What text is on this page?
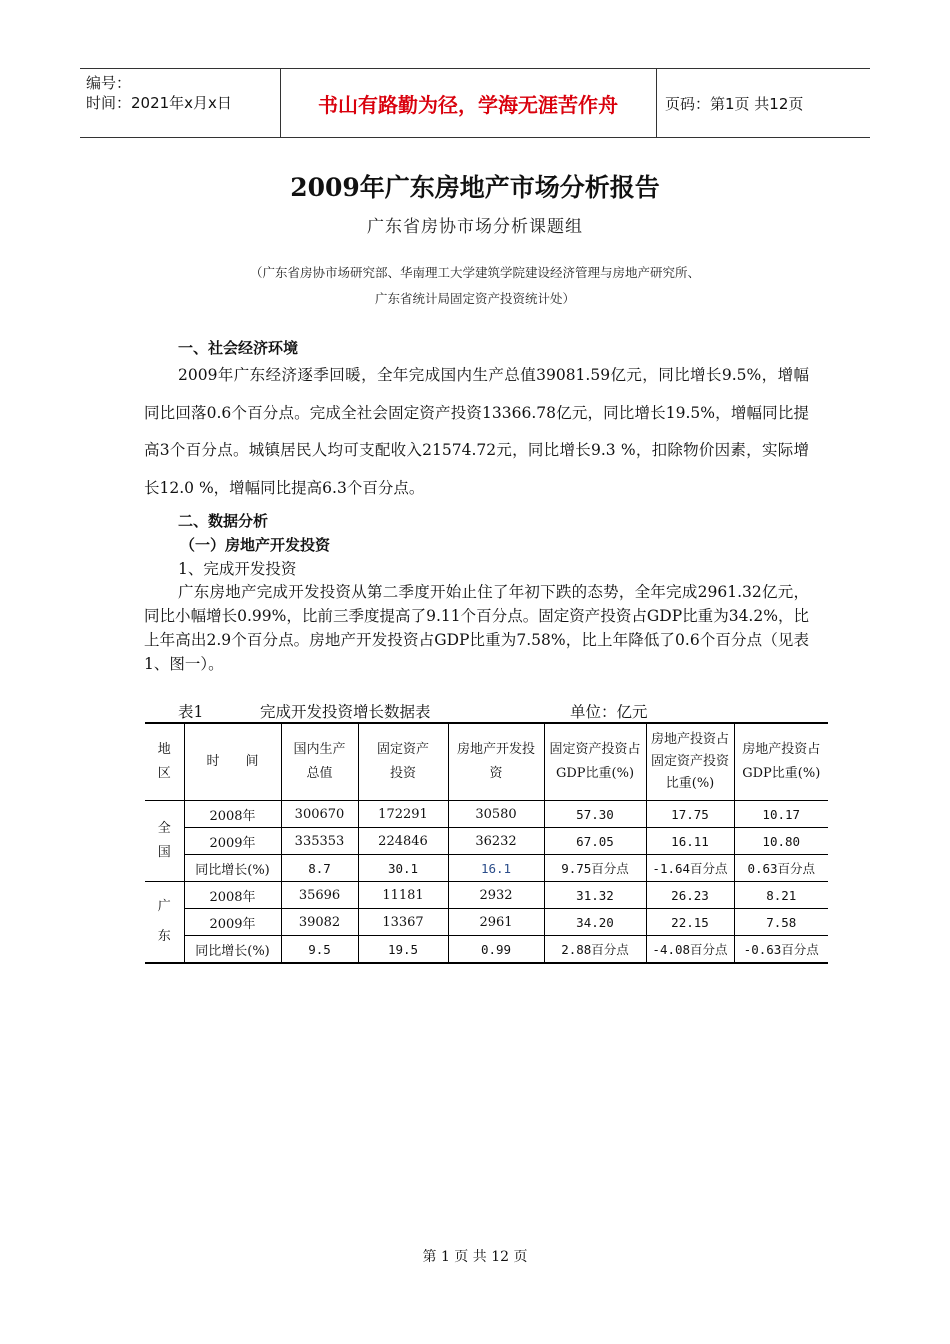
编号：
时间：2021年x月x日	书山有路勤为径，学海无涯苦作舟	页码：第1页 共12页
2009年广东房地产市场分析报告
广东省房协市场分析课题组
（广东省房协市场研究部、华南理工大学建筑学院建设经济管理与房地产研究所、
广东省统计局固定资产投资统计处）
一、社会经济环境

2009年广东经济逐季回暖，全年完成国内生产总值39081.59亿元，同比增长9.5%，增幅同比回落0.6个百分点。完成全社会固定资产投资13366.78亿元，同比增长19.5%，增幅同比提高3个百分点。城镇居民人均可支配收入21574.72元，同比增长9.3 %，扣除物价因素，实际增长12.0 %，增幅同比提高6.3个百分点。

二、数据分析
（一）房地产开发投资
1、完成开发投资

广东房地产完成开发投资从第二季度开始止住了年初下跌的态势，全年完成2961.32亿元，同比小幅增长0.99%，比前三季度提高了9.11个百分点。固定资产投资占GDP比重为34.2%，比上年高出2.9个百分点。房地产开发投资占GDP比重为7.58%，比上年降低了0.6个百分点（见表1、图一）。

表1	完成开发投资增长数据表	单位：亿元
地区	时　　间	国内生产总值	固定资产投资	房地产开发投资	固定资产投资占GDP比重(%)	房地产投资占固定资产投资比重(%)	房地产投资占GDP比重(%)
全国	2008年	300670	172291	30580	57.30	17.75	10.17
	2009年	335353	224846	36232	67.05	16.11	10.80
	同比增长(%)	8.7	30.1	16.1	9.75百分点	-1.64百分点	0.63百分点
广东	2008年	35696	11181	2932	31.32	26.23	8.21
	2009年	39082	13367	2961	34.20	22.15	7.58
	同比增长(%)	9.5	19.5	0.99	2.88百分点	-4.08百分点	-0.63百分点
第 1 页 共 12 页
